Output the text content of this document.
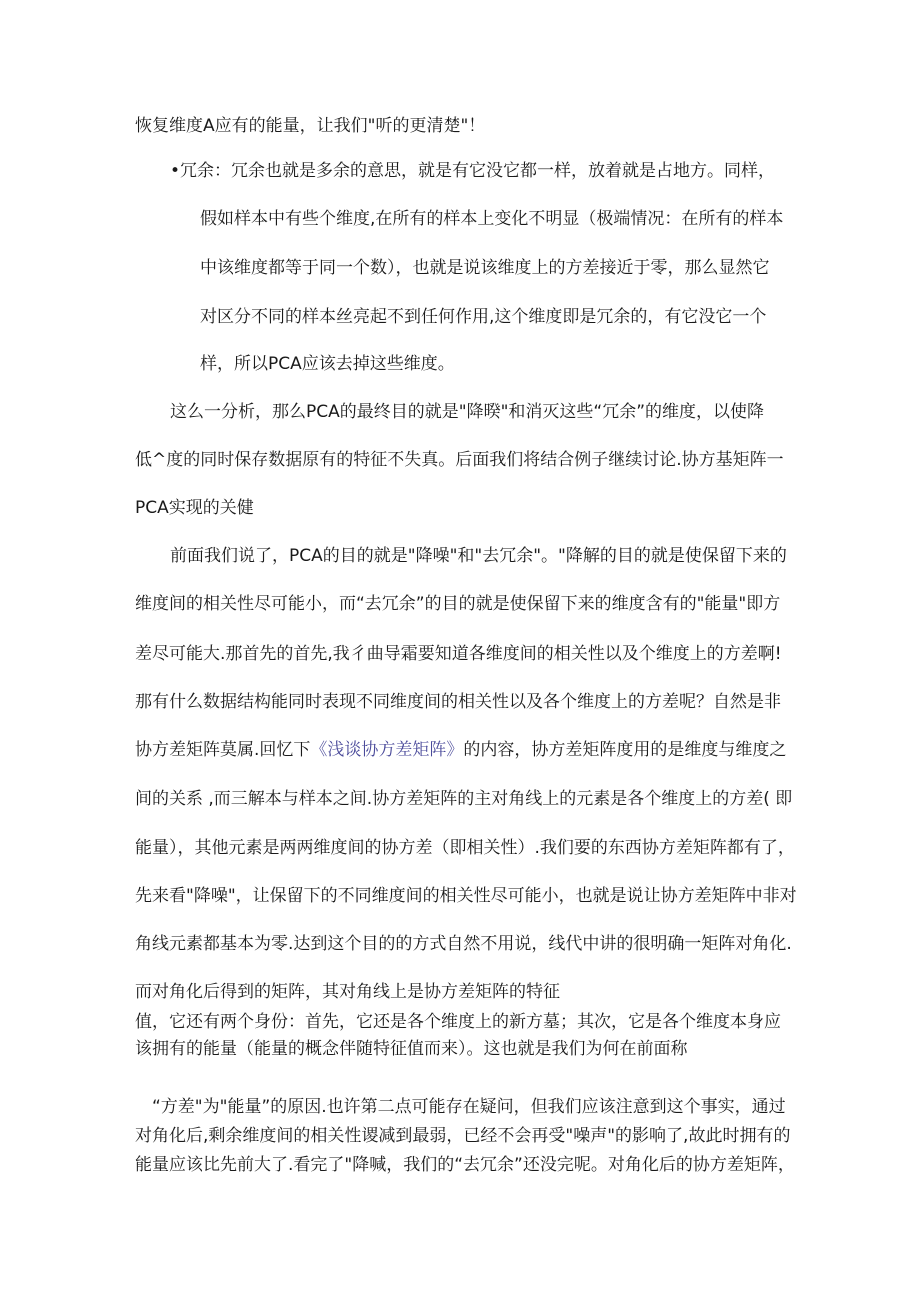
恢复维度A应有的能量，让我们"听的更清楚"！
•冗余：冗余也就是多余的意思，就是有它没它都一样，放着就是占地方。同样，
假如样本中有些个维度,在所有的样本上变化不明显（极端情况：在所有的样本
中该维度都等于同一个数），也就是说该维度上的方差接近于零，那么显然它
对区分不同的样本丝亮起不到任何作用,这个维度即是冗余的，有它没它一个
样，所以PCA应该去掉这些维度。
这么一分析，那么PCA的最终目的就是"降暌"和消灭这些“冗余”的维度，以使降
低^度的同时保存数据原有的特征不失真。后面我们将结合例子继续讨论.协方基矩阵一
PCA实现的关健
前面我们说了，PCA的目的就是"降噪"和"去冗余"。"降解的目的就是使保留下来的
维度间的相关性尽可能小，而“去冗余”的目的就是使保留下来的维度含有的"能量"即方
差尽可能大.那首先的首先,我彳曲导霜要知道各维度间的相关性以及个维度上的方差啊!
那有什么数据结构能同时表现不同维度间的相关性以及各个维度上的方差呢？自然是非
协方差矩阵莫属.回忆下《浅谈协方差矩阵》的内容，协方差矩阵度用的是维度与维度之
间的关系 ,而三解本与样本之间.协方差矩阵的主对角线上的元素是各个维度上的方差( 即
能量），其他元素是两两维度间的协方差（即相关性）.我们要的东西协方差矩阵都有了，
先来看"降噪"，让保留下的不同维度间的相关性尽可能小，也就是说让协方差矩阵中非对
角线元素都基本为零.达到这个目的的方式自然不用说，线代中讲的很明确一矩阵对角化.
而对角化后得到的矩阵，其对角线上是协方差矩阵的特征
值，它还有两个身份：首先，它还是各个维度上的新方墓；其次，它是各个维度本身应
该拥有的能量（能量的概念伴随特征值而来）。这也就是我们为何在前面称
“方差"为"能量”的原因.也许第二点可能存在疑问，但我们应该注意到这个事实，通过
对角化后,剩余维度间的相关性谡减到最弱，已经不会再受"噪声"的影响了,故此时拥有的
能量应该比先前大了.看完了"降喊，我们的“去冗余”还没完呢。对角化后的协方差矩阵，
